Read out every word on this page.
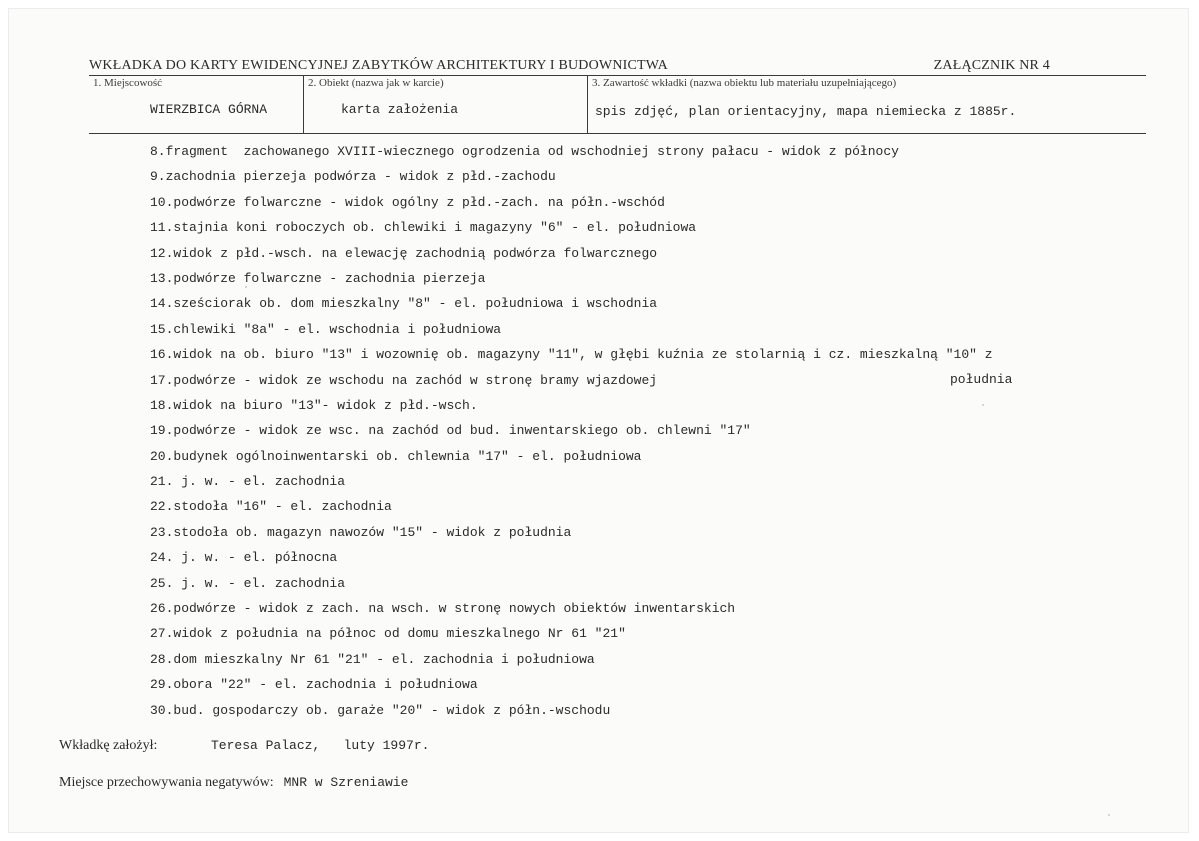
WKŁADKA DO KARTY EWIDENCYJNEJ ZABYTKÓW ARCHITEKTURY I BUDOWNICTWA	ZAŁĄCZNIK NR 4
1. Miejscowość
WIERZBICA GÓRNA
2. Obiekt (nazwa jak w karcie)
karta założenia
3. Zawartość wkładki (nazwa obiektu lub materiału uzupełniającego)
spis zdjęć, plan orientacyjny, mapa niemiecka z 1885r.
8.fragment  zachowanego XVIII-wiecznego ogrodzenia od wschodniej strony pałacu - widok z północy
9.zachodnia pierzeja podwórza - widok z płd.-zachodu
10.podwórze folwarczne - widok ogólny z płd.-zach. na półn.-wschód
11.stajnia koni roboczych ob. chlewiki i magazyny "6" - el. południowa
12.widok z płd.-wsch. na elewację zachodnią podwórza folwarcznego
13.podwórze folwarczne - zachodnia pierzeja
14.sześciorak ob. dom mieszkalny "8" - el. południowa i wschodnia
15.chlewiki "8a" - el. wschodnia i południowa
16.widok na ob. biuro "13" i wozownię ob. magazyny "11", w głębi kuźnia ze stolarnią i cz. mieszkalną "10" z
17.podwórze - widok ze wschodu na zachód w stronę bramy wjazdowej
18.widok na biuro "13"- widok z płd.-wsch.
19.podwórze - widok ze wsc. na zachód od bud. inwentarskiego ob. chlewni "17"
20.budynek ogólnoinwentarski ob. chlewnia "17" - el. południowa
21. j. w. - el. zachodnia
22.stodoła "16" - el. zachodnia
23.stodoła ob. magazyn nawozów "15" - widok z południa
24. j. w. - el. północna
25. j. w. - el. zachodnia
26.podwórze - widok z zach. na wsch. w stronę nowych obiektów inwentarskich
27.widok z południa na północ od domu mieszkalnego Nr 61 "21"
28.dom mieszkalny Nr 61 "21" - el. zachodnia i południowa
29.obora "22" - el. zachodnia i południowa
30.bud. gospodarczy ob. garaże "20" - widok z półn.-wschodu
południa
Wkładkę założył:	Teresa Palacz,   luty 1997r.
Miejsce przechowywania negatywów: MNR w Szreniawie
